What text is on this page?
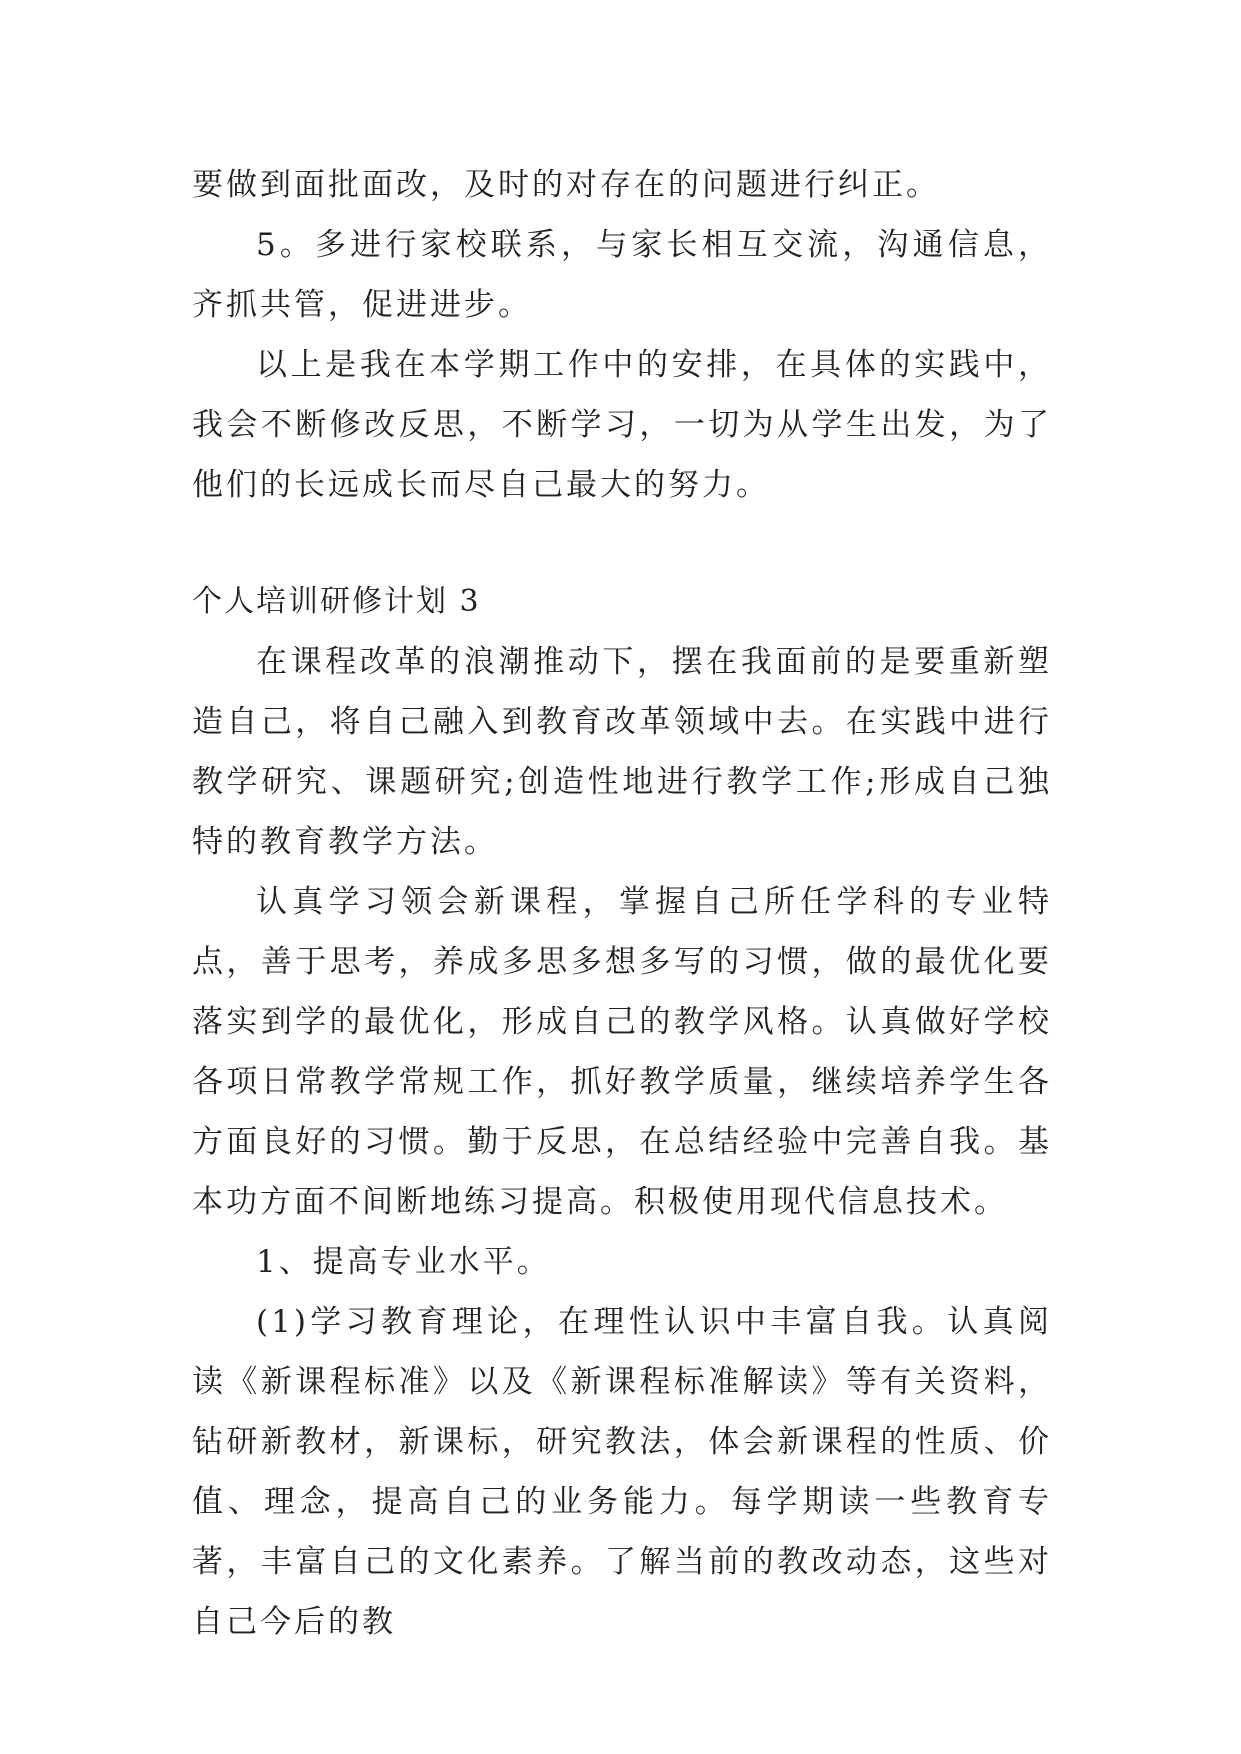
要做到面批面改，及时的对存在的问题进行纠正。

5。多进行家校联系，与家长相互交流，沟通信息，齐抓共管，促进进步。

以上是我在本学期工作中的安排，在具体的实践中，我会不断修改反思，不断学习，一切为从学生出发，为了他们的长远成长而尽自己最大的努力。

个人培训研修计划 3

在课程改革的浪潮推动下，摆在我面前的是要重新塑造自己，将自己融入到教育改革领域中去。在实践中进行教学研究、课题研究;创造性地进行教学工作;形成自己独特的教育教学方法。

认真学习领会新课程，掌握自己所任学科的专业特点，善于思考，养成多思多想多写的习惯，做的最优化要落实到学的最优化，形成自己的教学风格。认真做好学校各项日常教学常规工作，抓好教学质量，继续培养学生各方面良好的习惯。勤于反思，在总结经验中完善自我。基本功方面不间断地练习提高。积极使用现代信息技术。

1、提高专业水平。

(1)学习教育理论，在理性认识中丰富自我。认真阅读《新课程标准》以及《新课程标准解读》等有关资料，钻研新教材，新课标，研究教法，体会新课程的性质、价值、理念，提高自己的业务能力。每学期读一些教育专著，丰富自己的文化素养。了解当前的教改动态，这些对自己今后的教
